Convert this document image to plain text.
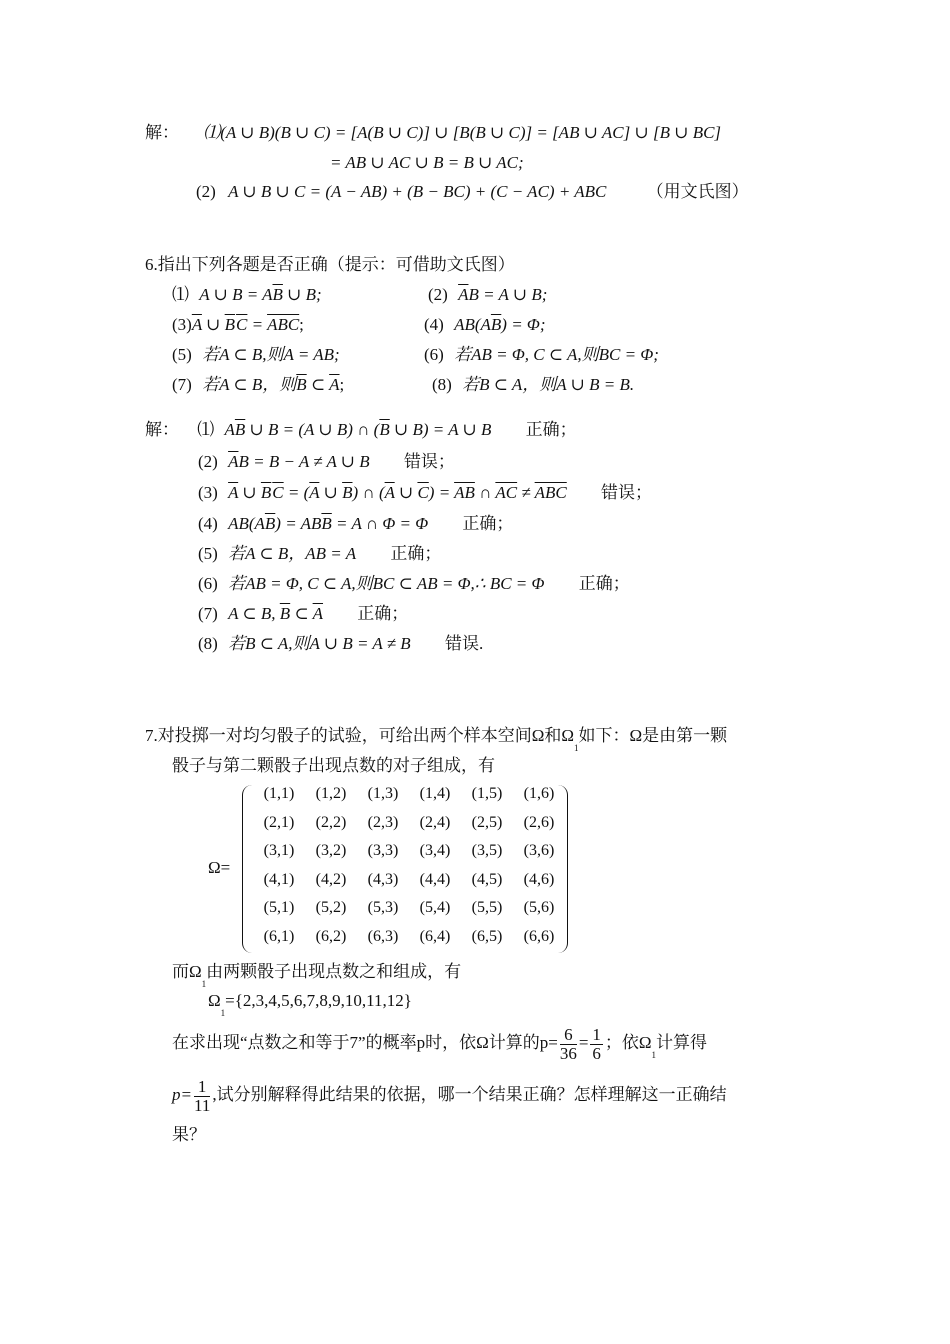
解： ⑴(A ∪ B)(B ∪ C) = [A(B ∪ C)] ∪ [B(B ∪ C)] = [AB ∪ AC] ∪ [B ∪ BC]
= AB ∪ AC ∪ B = B ∪ AC;
(2) A ∪ B ∪ C = (A − AB) + (B − BC) + (C − AC) + ABC （用文氏图）
6.指出下列各题是否正确（提示：可借助文氏图）
⑴ A ∪ $B = A\overline{B}$ ∪ B;	(2) $\overline{A}B = A$ ∪ B;
$(3)\overline{A}$ ∪ $\overline{B}\overline{C} = \overline{ABC}$;	(4) $AB(A\overline{B}) = \Phi$;
(5) 若A ⊂ B,则A = AB;	(6) 若AB = Φ, C ⊂ A,则BC = Φ;
(7) 若A ⊂ B，则$\overline{B}$ ⊂ $\overline{A}$;	(8) 若B ⊂ A，则A ∪ B = B.
解： ⑴ $A\overline{B}$ ∪ B = (A ∪ B) ∩ ($\overline{B}$ ∪ B) = A ∪ B 正确；
(2) $\overline{A}B = B - A \ne A$ ∪ B 错误；
(3) $\overline{A}$ ∪ $\overline{B}\overline{C} = (\overline{A}$ ∪ $\overline{B}$) ∩ ($\overline{A}$ ∪ $\overline{C}) = \overline{AB}$ ∩ $\overline{AC} \ne \overline{ABC}$ 错误；
(4) $AB(A\overline{B}) = AB\overline{B} = A$ ∩ Φ = Φ 正确；
(5) 若A ⊂ B，AB = A 正确；
(6) 若AB = Φ, C ⊂ A,则BC ⊂ AB = Φ,∴ BC = Φ 正确；
(7) A ⊂ B, $\overline{B}$ ⊂ $\overline{A}$ 正确；
(8) 若B ⊂ A,则A ∪ B = A ≠ B 错误.
7.对投掷一对均匀骰子的试验，可给出两个样本空间Ω和$\Omega_1$如下：Ω是由第一颗
骰子与第二颗骰子出现点数的对子组成，有
Ω=
(1,1)	(1,2)	(1,3)	(1,4)	(1,5)	(1,6)
(2,1)	(2,2)	(2,3)	(2,4)	(2,5)	(2,6)
(3,1)	(3,2)	(3,3)	(3,4)	(3,5)	(3,6)
(4,1)	(4,2)	(4,3)	(4,4)	(4,5)	(4,6)
(5,1)	(5,2)	(5,3)	(5,4)	(5,5)	(5,6)
(6,1)	(6,2)	(6,3)	(6,4)	(6,5)	(6,6)
而$\Omega_1$由两颗骰子出现点数之和组成，有
$\Omega_1=\{2,3,4,5,6,7,8,9,10,11,12\}$
在求出现“点数之和等于7”的概率p时，依Ω计算的$p= \frac{6}{36} = \frac{1}{6}$ ；依$\Omega_1$计算得
$p= \frac{1}{11}$ ,试分别解释得此结果的依据，哪一个结果正确？怎样理解这一正确结
果？
